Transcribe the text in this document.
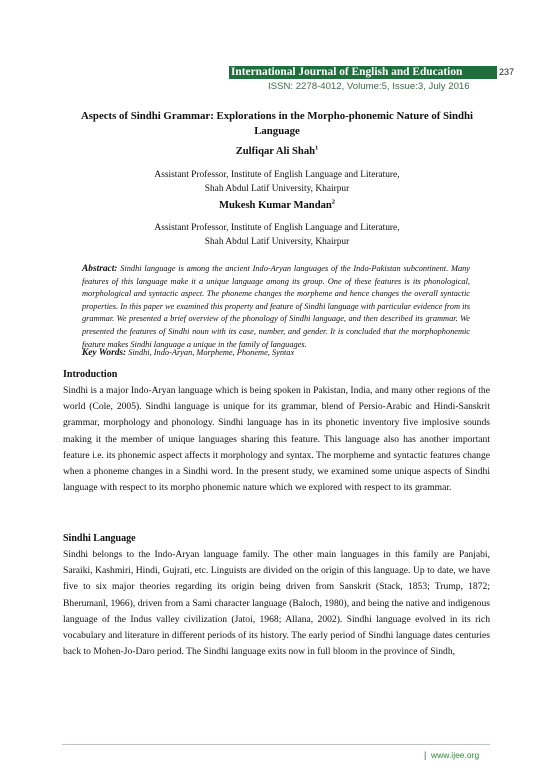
International Journal of English and Education	237
ISSN: 2278-4012, Volume:5, Issue:3, July 2016
Aspects of Sindhi Grammar: Explorations in the Morpho-phonemic Nature of Sindhi Language
Zulfiqar Ali Shah$^1$
Assistant Professor, Institute of English Language and Literature,
Shah Abdul Latif University, Khairpur
Mukesh Kumar Mandan$^2$
Assistant Professor, Institute of English Language and Literature,
Shah Abdul Latif University, Khairpur
Abstract: Sindhi language is among the ancient Indo-Aryan languages of the Indo-Pakistan subcontinent. Many features of this language make it a unique language among its group. One of these features is its phonological, morphological and syntactic aspect. The phoneme changes the morpheme and hence changes the overall syntactic properties. In this paper we examined this property and feature of Sindhi language with particular evidence from its grammar. We presented a brief overview of the phonology of Sindhi language, and then described its grammar. We presented the features of Sindhi noun with its case, number, and gender. It is concluded that the morphophonemic feature makes Sindhi language a unique in the family of languages.
Key Words: Sindhi, Indo-Aryan, Morpheme, Phoneme, Syntax
Introduction
Sindhi is a major Indo-Aryan language which is being spoken in Pakistan, India, and many other regions of the world (Cole, 2005). Sindhi language is unique for its grammar, blend of Persio-Arabic and Hindi-Sanskrit grammar, morphology and phonology. Sindhi language has in its phonetic inventory five implosive sounds making it the member of unique languages sharing this feature. This language also has another important feature i.e. its phonemic aspect affects it morphology and syntax. The morpheme and syntactic features change when a phoneme changes in a Sindhi word. In the present study, we examined some unique aspects of Sindhi language with respect to its morpho phonemic nature which we explored with respect to its grammar.
Sindhi Language
Sindhi belongs to the Indo-Aryan language family. The other main languages in this family are Panjabi, Saraiki, Kashmiri, Hindi, Gujrati, etc. Linguists are divided on the origin of this language. Up to date, we have five to six major theories regarding its origin being driven from Sanskrit (Stack, 1853; Trump, 1872; Bherumanl, 1966), driven from a Sami character language (Baloch, 1980), and being the native and indigenous language of the Indus valley civilization (Jatoi, 1968; Allana, 2002). Sindhi language evolved in its rich vocabulary and literature in different periods of its history. The early period of Sindhi language dates centuries back to Mohen-Jo-Daro period. The Sindhi language exits now in full bloom in the province of Sindh,
| www.ijee.org
